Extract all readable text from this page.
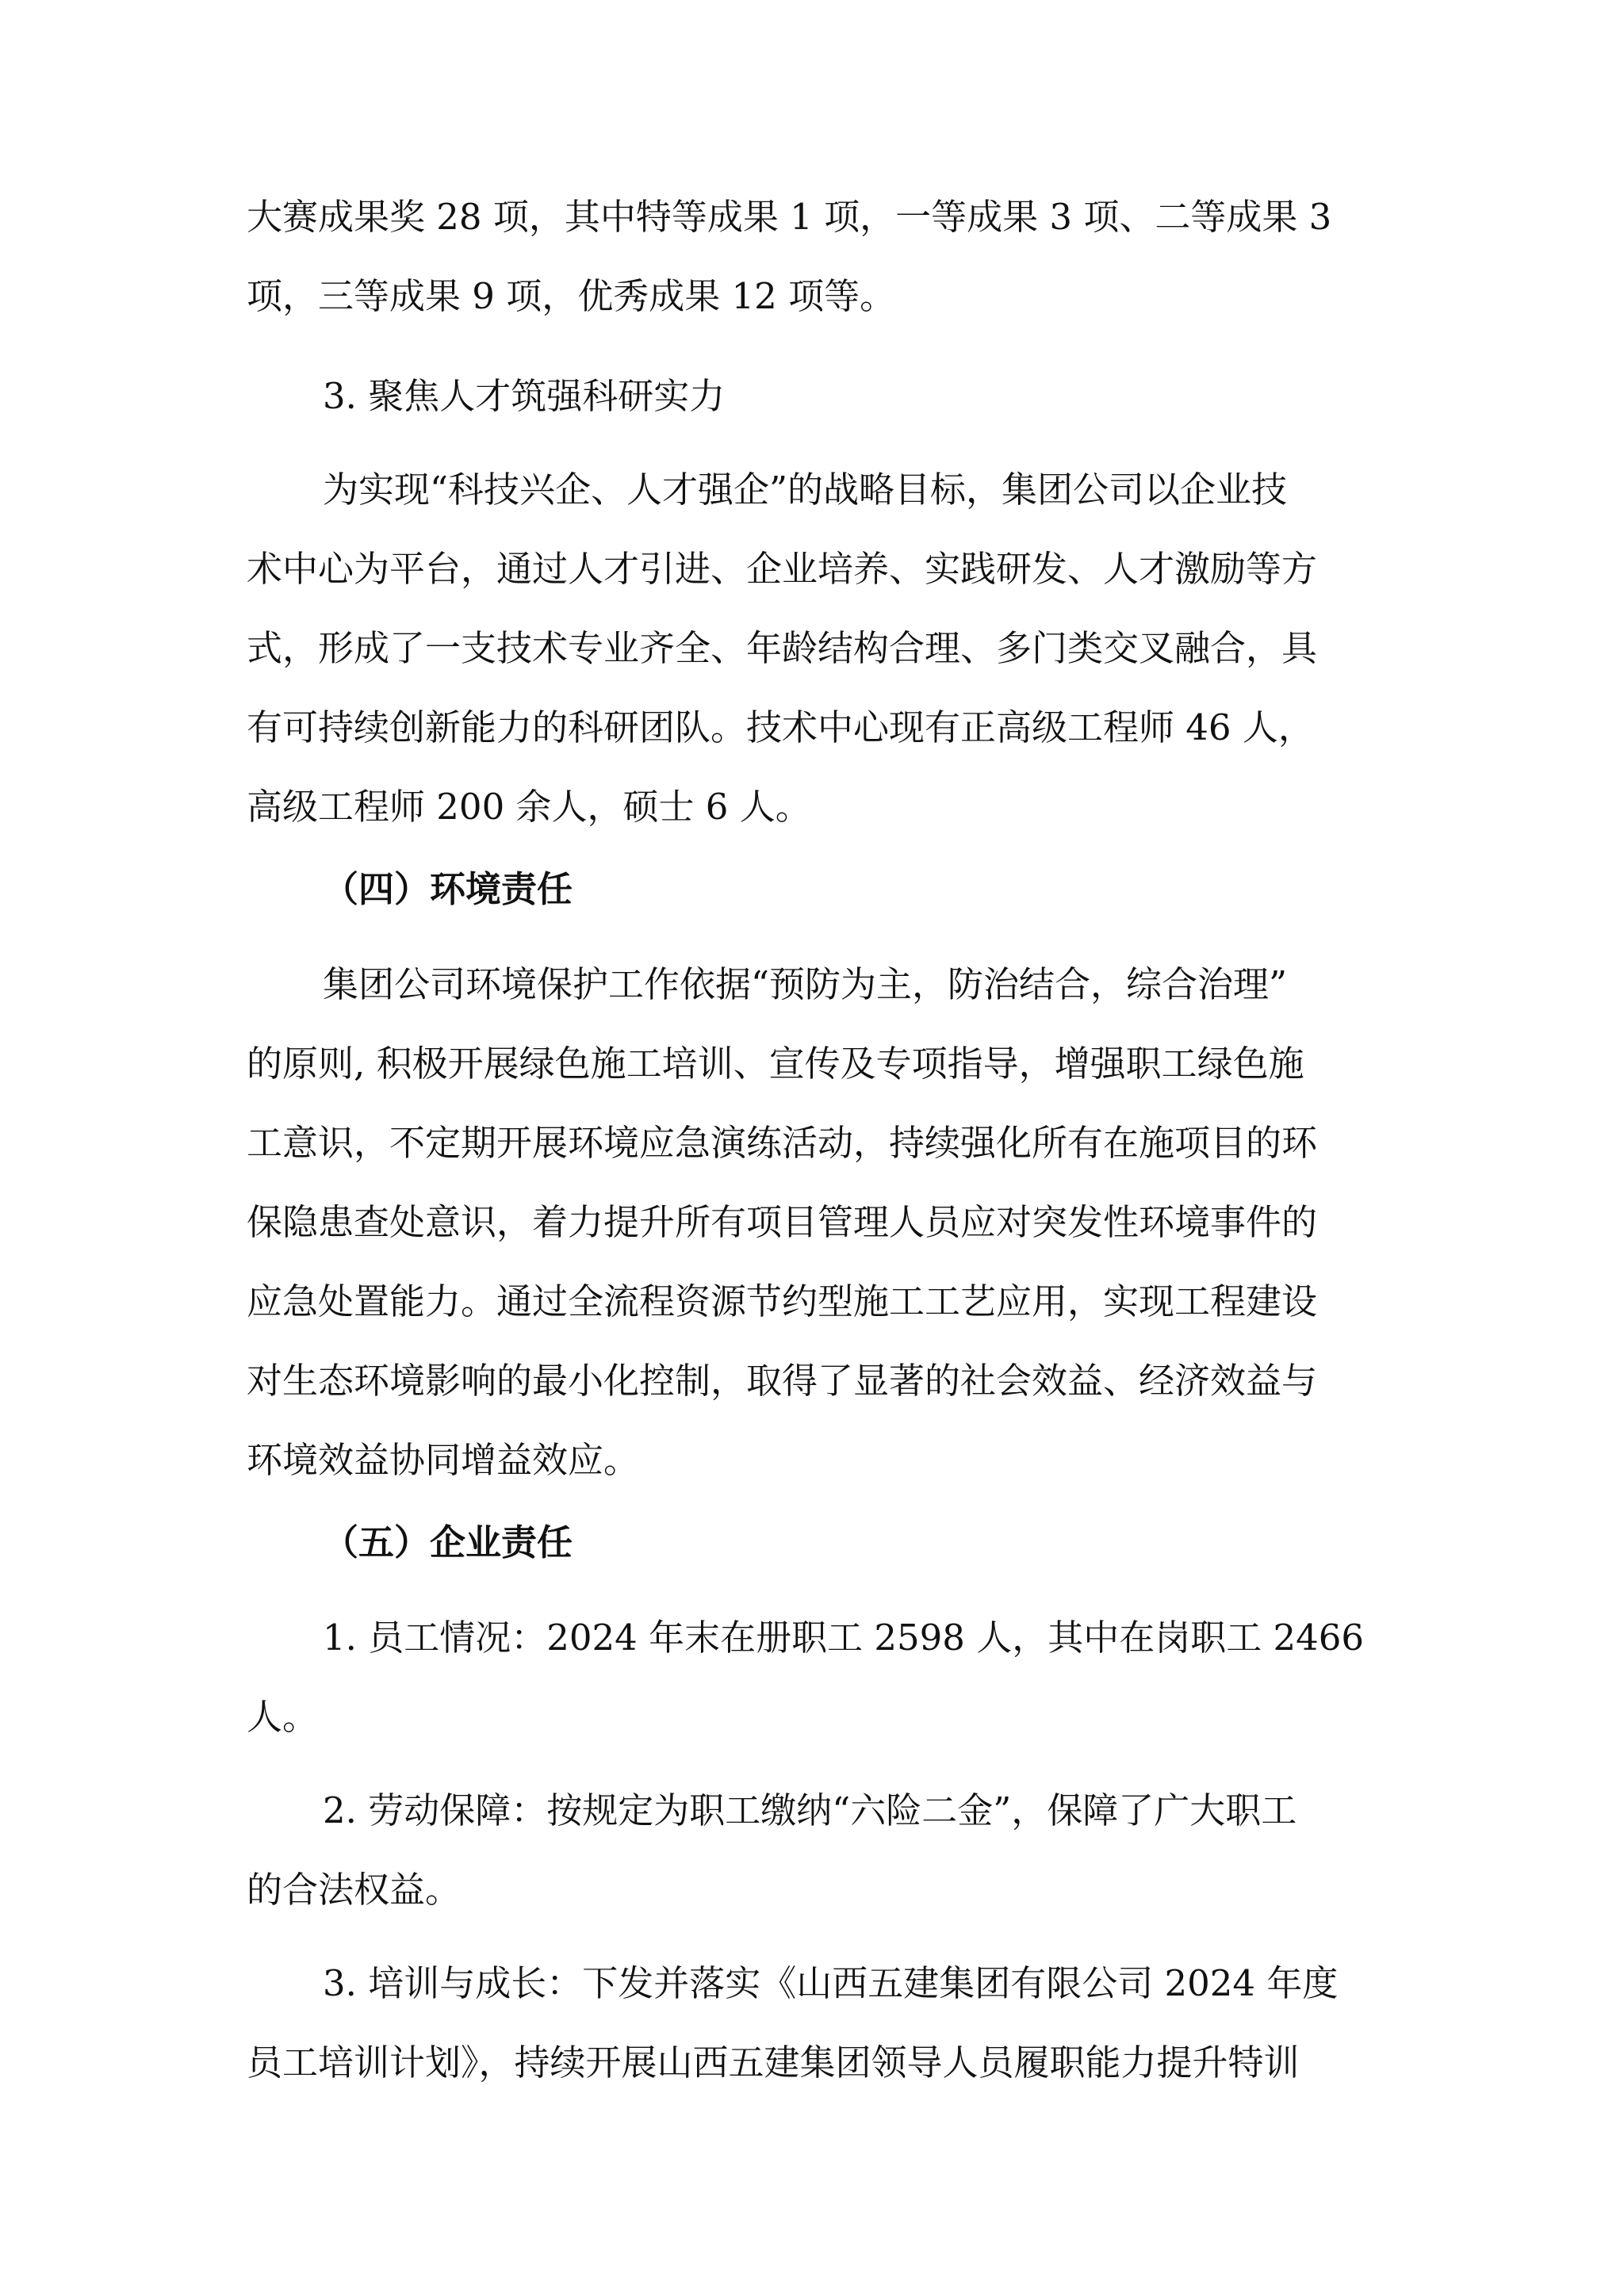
大赛成果奖 28 项，其中特等成果 1 项，一等成果 3 项、二等成果 3
项，三等成果 9 项，优秀成果 12 项等。
3. 聚焦人才筑强科研实力
为实现“科技兴企、人才强企”的战略目标，集团公司以企业技
术中心为平台，通过人才引进、企业培养、实践研发、人才激励等方
式，形成了一支技术专业齐全、年龄结构合理、多门类交叉融合，具
有可持续创新能力的科研团队。技术中心现有正高级工程师 46 人，
高级工程师 200 余人，硕士 6 人。
（四）环境责任
集团公司环境保护工作依据“预防为主，防治结合，综合治理”
的原则, 积极开展绿色施工培训、宣传及专项指导，增强职工绿色施
工意识，不定期开展环境应急演练活动，持续强化所有在施项目的环
保隐患查处意识，着力提升所有项目管理人员应对突发性环境事件的
应急处置能力。通过全流程资源节约型施工工艺应用，实现工程建设
对生态环境影响的最小化控制，取得了显著的社会效益、经济效益与
环境效益协同增益效应。
（五）企业责任
1. 员工情况：2024 年末在册职工 2598 人，其中在岗职工 2466
人。
2. 劳动保障：按规定为职工缴纳“六险二金”，保障了广大职工
的合法权益。
3. 培训与成长：下发并落实《山西五建集团有限公司 2024 年度
员工培训计划》，持续开展山西五建集团领导人员履职能力提升特训
